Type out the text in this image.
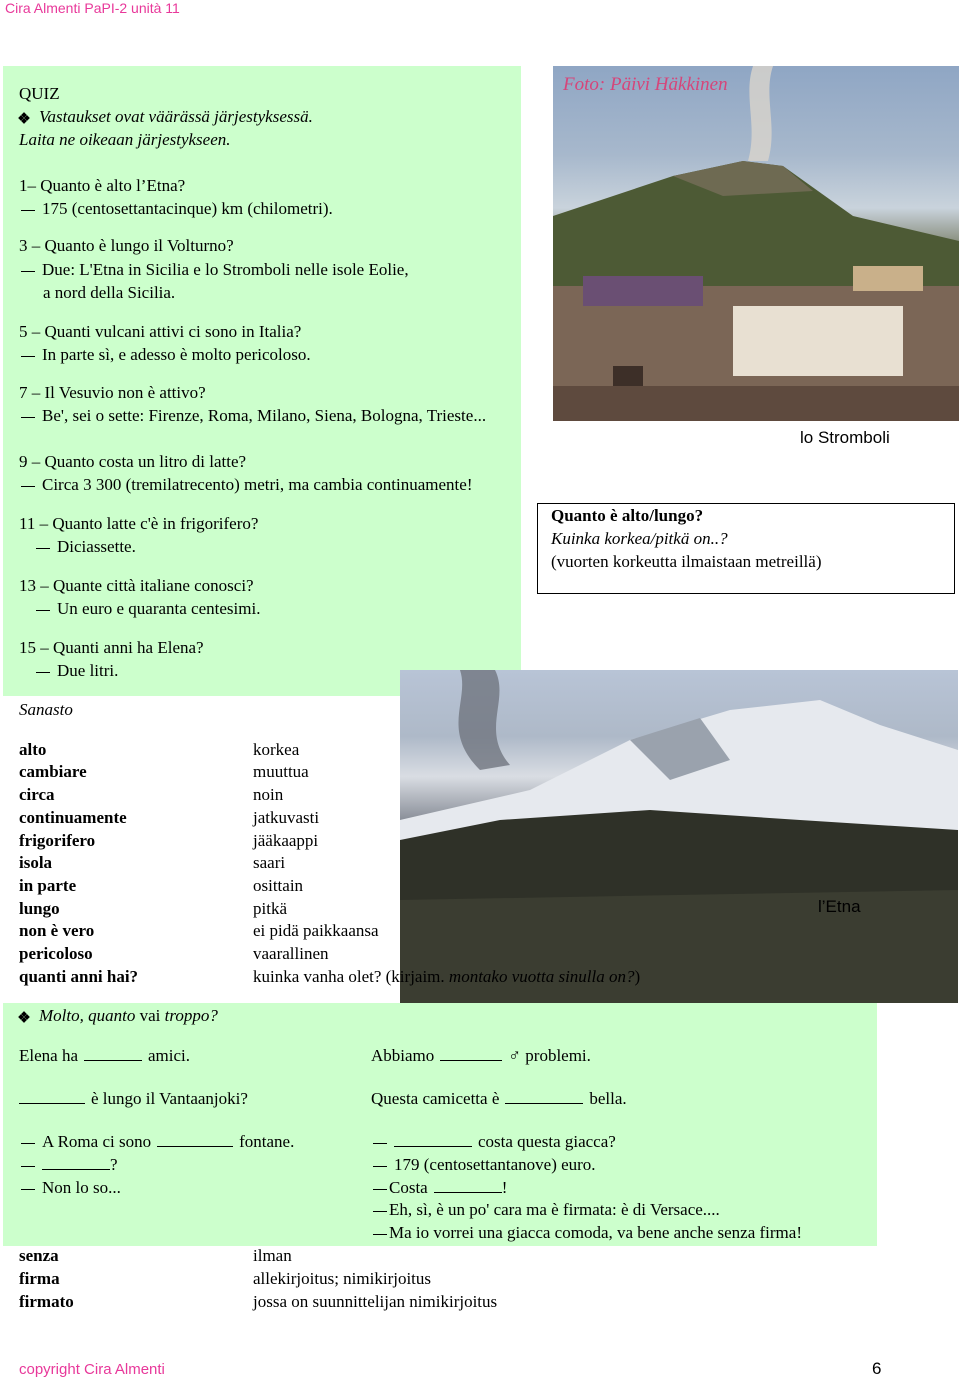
Cira Almenti PaPI-2 unità 11
Foto: Päivi Häkkinen
lo Stromboli
l’Etna
Quanto è alto/lungo?
Kuinka korkea/pitkä on..?
(vuorten korkeutta ilmaistaan metreillä)
QUIZ
Vastaukset ovat väärässä järjestyksessä.
Laita ne oikeaan järjestykseen.
1– Quanto è alto l’Etna?
175 (centosettantacinque) km (chilometri).
3 – Quanto è lungo il Volturno?
Due: L'Etna in Sicilia e lo Stromboli nelle isole Eolie,
a nord della Sicilia.
5 – Quanti vulcani attivi ci sono in Italia?
In parte sì, e adesso è molto pericoloso.
7 – Il Vesuvio non è attivo?
Be', sei o sette: Firenze, Roma, Milano, Siena, Bologna, Trieste...
9 – Quanto costa un litro di latte?
Circa 3 300 (tremilatrecento) metri, ma cambia continuamente!
11 – Quanto latte c'è in frigorifero?
Diciassette.
13 – Quante città italiane conosci?
Un euro e quaranta centesimi.
15 – Quanti anni ha Elena?
Due litri.
Sanasto
alto	korkea
cambiare	muuttua
circa	noin
continuamente	jatkuvasti
frigorifero	jääkaappi
isola	saari
in parte	osittain
lungo	pitkä
non è vero	ei pidä paikkaansa
pericoloso	vaarallinen
quanti anni hai?	kuinka vanha olet? (kirjaim. montako vuotta sinulla on?)
Molto, quanto vai troppo?
Elena ha	amici.	Abbiamo	♂ problemi.
è lungo il Vantaanjoki?	Questa camicetta è	bella.
A Roma ci sono	fontane.	costa questa giacca?
?	179 (centosettantanove) euro.
Non lo so...	Costa	!
Eh, sì, è un po' cara ma è firmata: è di Versace....
Ma io vorrei una giacca comoda, va bene anche senza firma!
senza	ilman
firma	allekirjoitus; nimikirjoitus
firmato	jossa on suunnittelijan nimikirjoitus
copyright Cira Almenti	6
